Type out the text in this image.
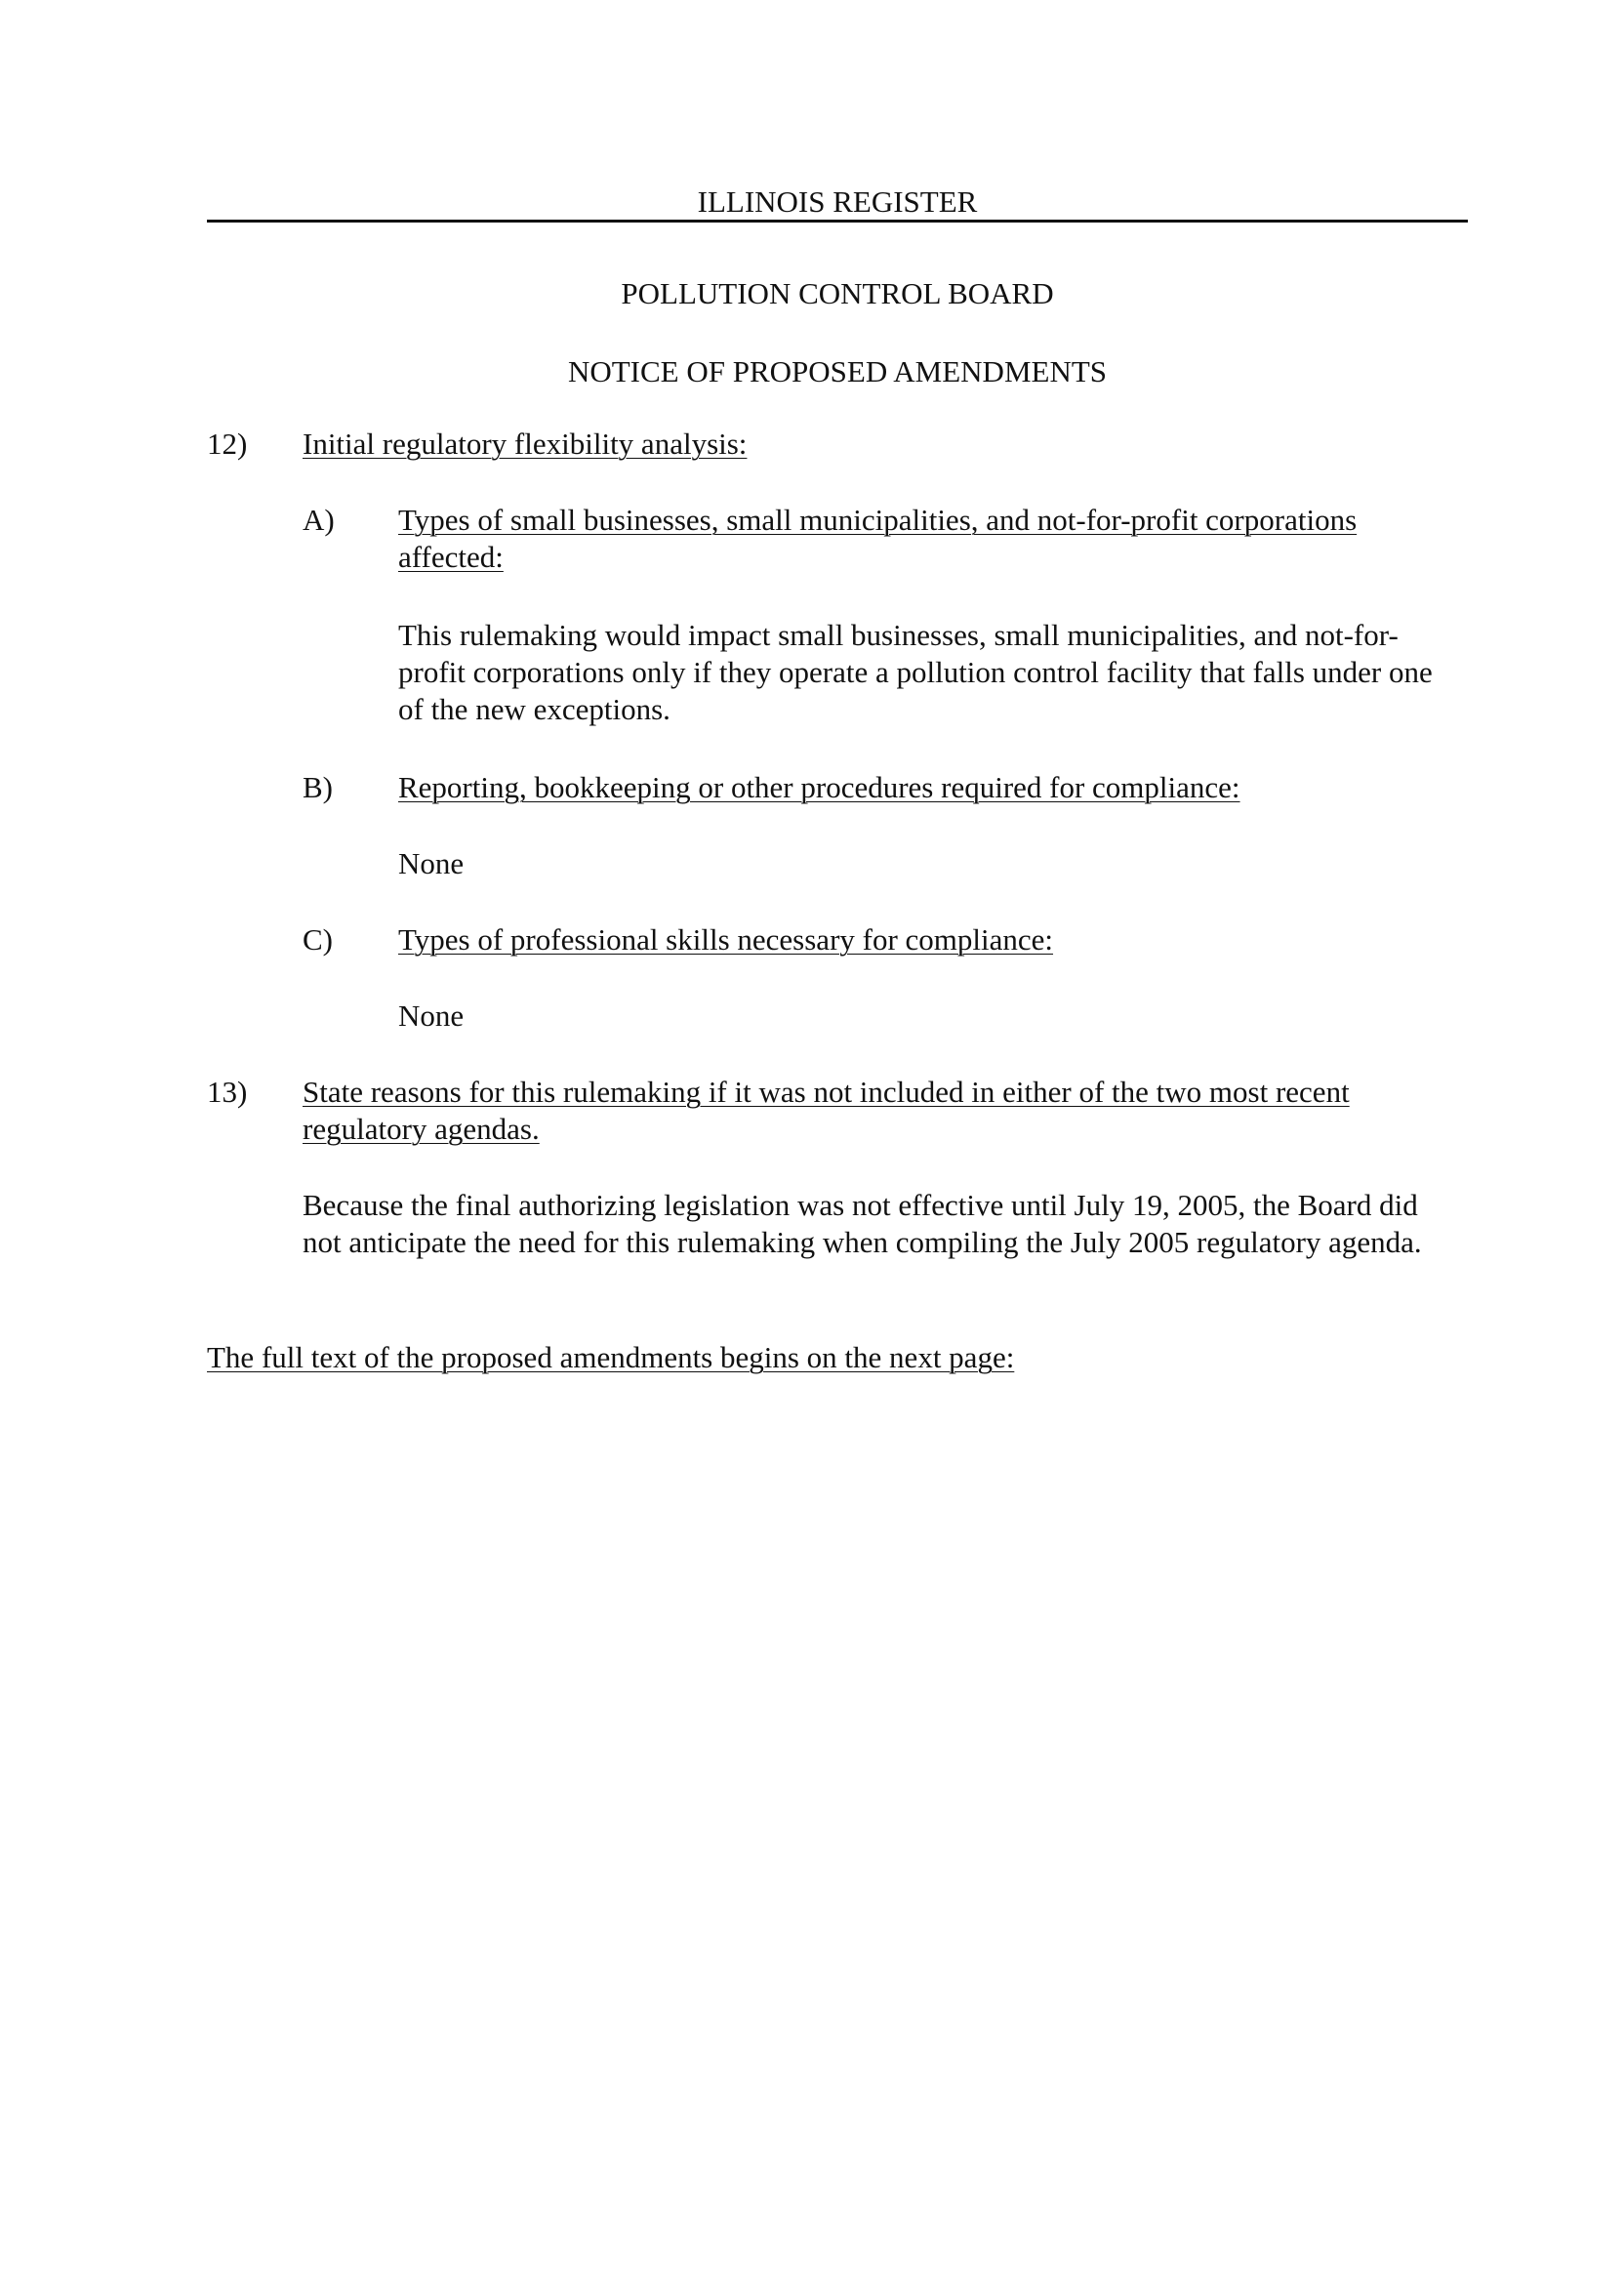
ILLINOIS REGISTER
POLLUTION CONTROL BOARD
NOTICE OF PROPOSED AMENDMENTS
12)	Initial regulatory flexibility analysis:
A)	Types of small businesses, small municipalities, and not-for-profit corporations affected:
This rulemaking would impact small businesses, small municipalities, and not-for-profit corporations only if they operate a pollution control facility that falls under one of the new exceptions.
B)	Reporting, bookkeeping or other procedures required for compliance:
None
C)	Types of professional skills necessary for compliance:
None
13)	State reasons for this rulemaking if it was not included in either of the two most recent regulatory agendas.
Because the final authorizing legislation was not effective until July 19, 2005, the Board did not anticipate the need for this rulemaking when compiling the July 2005 regulatory agenda.
The full text of the proposed amendments begins on the next page:
